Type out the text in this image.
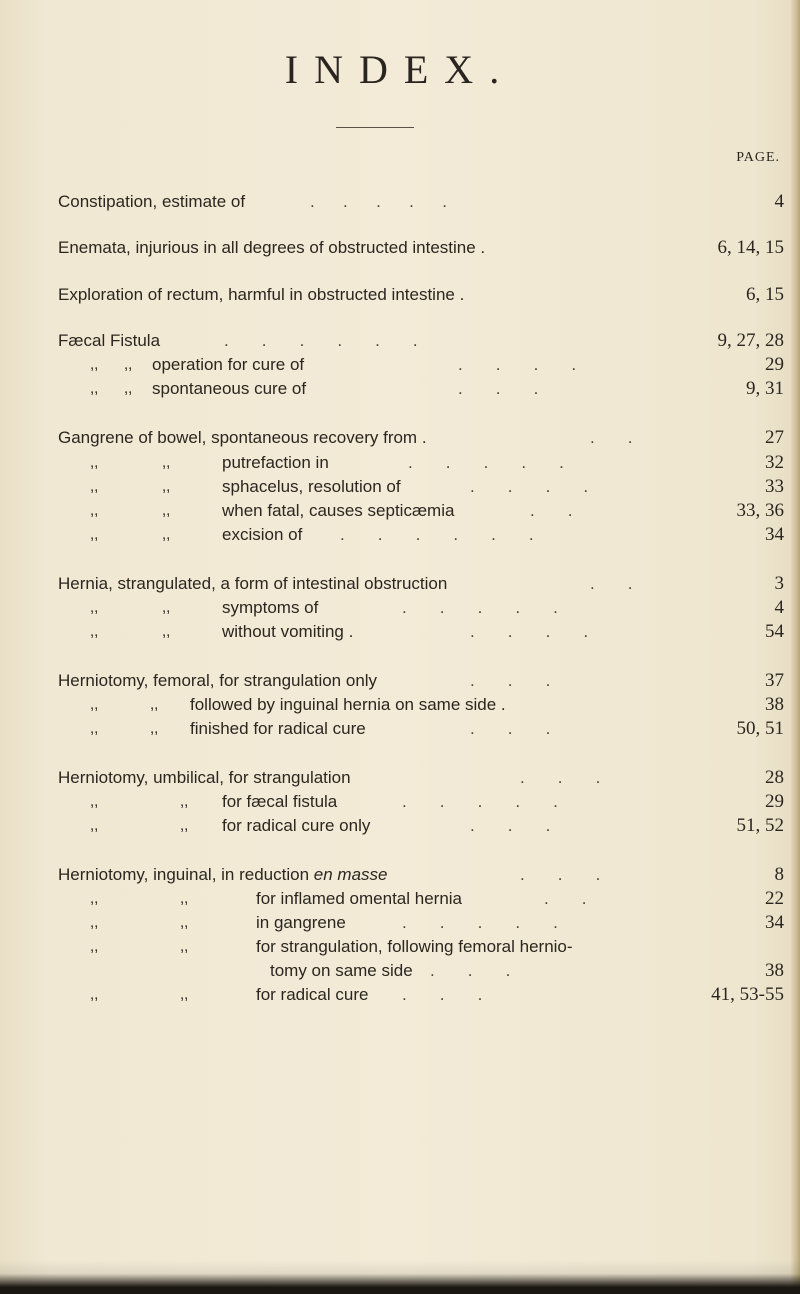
INDEX.
PAGE.
Constipation, estimate of	.      .      .      .      .	4
Enemata, injurious in all degrees of obstructed intestine .	6, 14, 15
Exploration of rectum, harmful in obstructed intestine .	6, 15
Fæcal Fistula	.       .       .       .       .       .	9, 27, 28
,, ,, operation for cure of	.       .       .       .	29
,, ,, spontaneous cure of	.       .       .	9, 31
Gangrene of bowel, spontaneous recovery from .	.       .	27
,,	,,	putrefaction in	.       .       .       .       .	32
,,	,,	sphacelus, resolution of	.       .       .       .	33
,,	,,	when fatal, causes septicæmia	.       .	33, 36
,,	,,	excision of .       .       .       .       .       .	34
Hernia, strangulated, a form of intestinal obstruction	.       .	3
,,	,,	symptoms of	.       .       .       .       .	4
,,	,,	without vomiting .	.       .       .       .	54
Herniotomy, femoral, for strangulation only	.       .       .	37
,,	,, followed by inguinal hernia on same side .	38
,,	,, finished for radical cure	.       .       .	50, 51
Herniotomy, umbilical, for strangulation	.       .       .	28
,,	,, for fæcal fistula	.       .       .       .       .	29
,,	,, for radical cure only	.       .       .	51, 52
Herniotomy, inguinal, in reduction en masse	.       .       .	8
,,	,,	for inflamed omental hernia	.       .	22
,,	,,	in gangrene	.       .       .       .       .	34
,,	,,	for strangulation, following femoral hernio-
tomy on same side .       .       .	38
,,	,,	for radical cure .       .       .	41, 53-55
